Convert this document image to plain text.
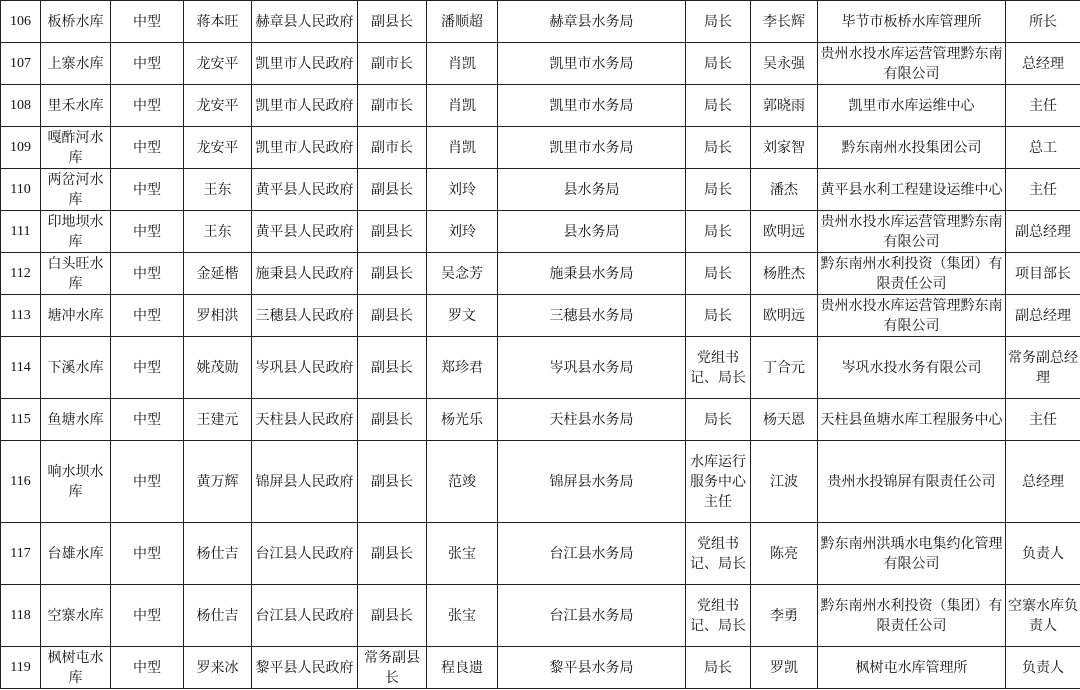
106	板桥水库	中型	蒋本旺	赫章县人民政府	副县长	潘顺超	赫章县水务局	局长	李长辉	毕节市板桥水库管理所	所长
107	上寨水库	中型	龙安平	凯里市人民政府	副市长	肖凯	凯里市水务局	局长	吴永强	贵州水投水库运营管理黔东南有限公司	总经理
108	里禾水库	中型	龙安平	凯里市人民政府	副市长	肖凯	凯里市水务局	局长	郭晓雨	凯里市水库运维中心	主任
109	嘎酢河水库	中型	龙安平	凯里市人民政府	副市长	肖凯	凯里市水务局	局长	刘家智	黔东南州水投集团公司	总工
110	两岔河水库	中型	王东	黄平县人民政府	副县长	刘玲	县水务局	局长	潘杰	黄平县水利工程建设运维中心	主任
111	印地坝水库	中型	王东	黄平县人民政府	副县长	刘玲	县水务局	局长	欧明远	贵州水投水库运营管理黔东南有限公司	副总经理
112	白头旺水库	中型	金延楷	施秉县人民政府	副县长	吴念芳	施秉县水务局	局长	杨胜杰	黔东南州水利投资（集团）有限责任公司	项目部长
113	塘冲水库	中型	罗相洪	三穗县人民政府	副县长	罗文	三穗县水务局	局长	欧明远	贵州水投水库运营管理黔东南有限公司	副总经理
114	下溪水库	中型	姚茂勋	岑巩县人民政府	副县长	郑珍君	岑巩县水务局	党组书记、局长	丁合元	岑巩水投水务有限公司	常务副总经理
115	鱼塘水库	中型	王建元	天柱县人民政府	副县长	杨光乐	天柱县水务局	局长	杨天恩	天柱县鱼塘水库工程服务中心	主任
116	响水坝水库	中型	黄万辉	锦屏县人民政府	副县长	范竣	锦屏县水务局	水库运行服务中心主任	江波	贵州水投锦屏有限责任公司	总经理
117	台雄水库	中型	杨仕吉	台江县人民政府	副县长	张宝	台江县水务局	党组书记、局长	陈亮	黔东南州洪瑀水电集约化管理有限公司	负责人
118	空寨水库	中型	杨仕吉	台江县人民政府	副县长	张宝	台江县水务局	党组书记、局长	李勇	黔东南州水利投资（集团）有限责任公司	空寨水库负责人
119	枫树屯水库	中型	罗来冰	黎平县人民政府	常务副县长	程良遗	黎平县水务局	局长	罗凯	枫树屯水库管理所	负责人
